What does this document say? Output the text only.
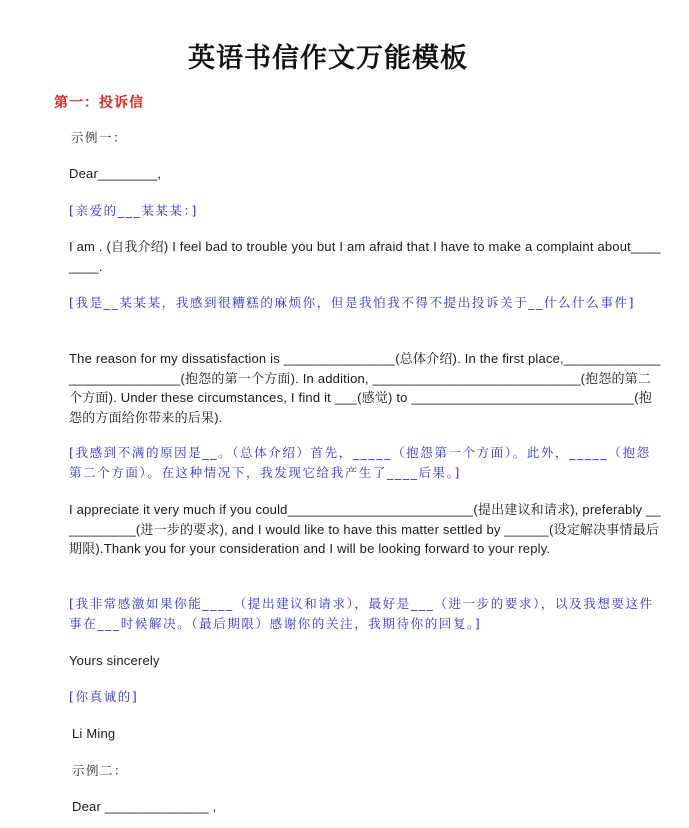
英语书信作文万能模板
第一：投诉信
示例一：
Dear________,
[亲爱的___某某某：]
I am . (自我介绍) I feel bad to trouble you but I am afraid that I have to make a complaint about________.
[我是__某某某，我感到很糟糕的麻烦你，但是我怕我不得不提出投诉关于__什么什么事件]
The reason for my dissatisfaction is _______________(总体介绍). In the first place,____________________________(抱怨的第一个方面). In addition, ____________________________(抱怨的第二个方面). Under these circumstances, I find it ___(感觉) to ______________________________(抱怨的方面给你带来的后果).
[我感到不满的原因是__。（总体介绍）首先，_____（抱怨第一个方面）。此外，_____（抱怨第二个方面）。在这种情况下，我发现它给我产生了____后果。]
I appreciate it very much if you could_________________________(提出建议和请求), preferably ___________(进一步的要求), and I would like to have this matter settled by ______(设定解决事情最后期限).Thank you for your consideration and I will be looking forward to your reply.
[我非常感激如果你能____（提出建议和请求），最好是___（进一步的要求），以及我想要这件事在___时候解决。（最后期限）感谢你的关注，我期待你的回复。]
Yours sincerely
[你真诚的]
Li Ming
示例二：
Dear ______________ ,
